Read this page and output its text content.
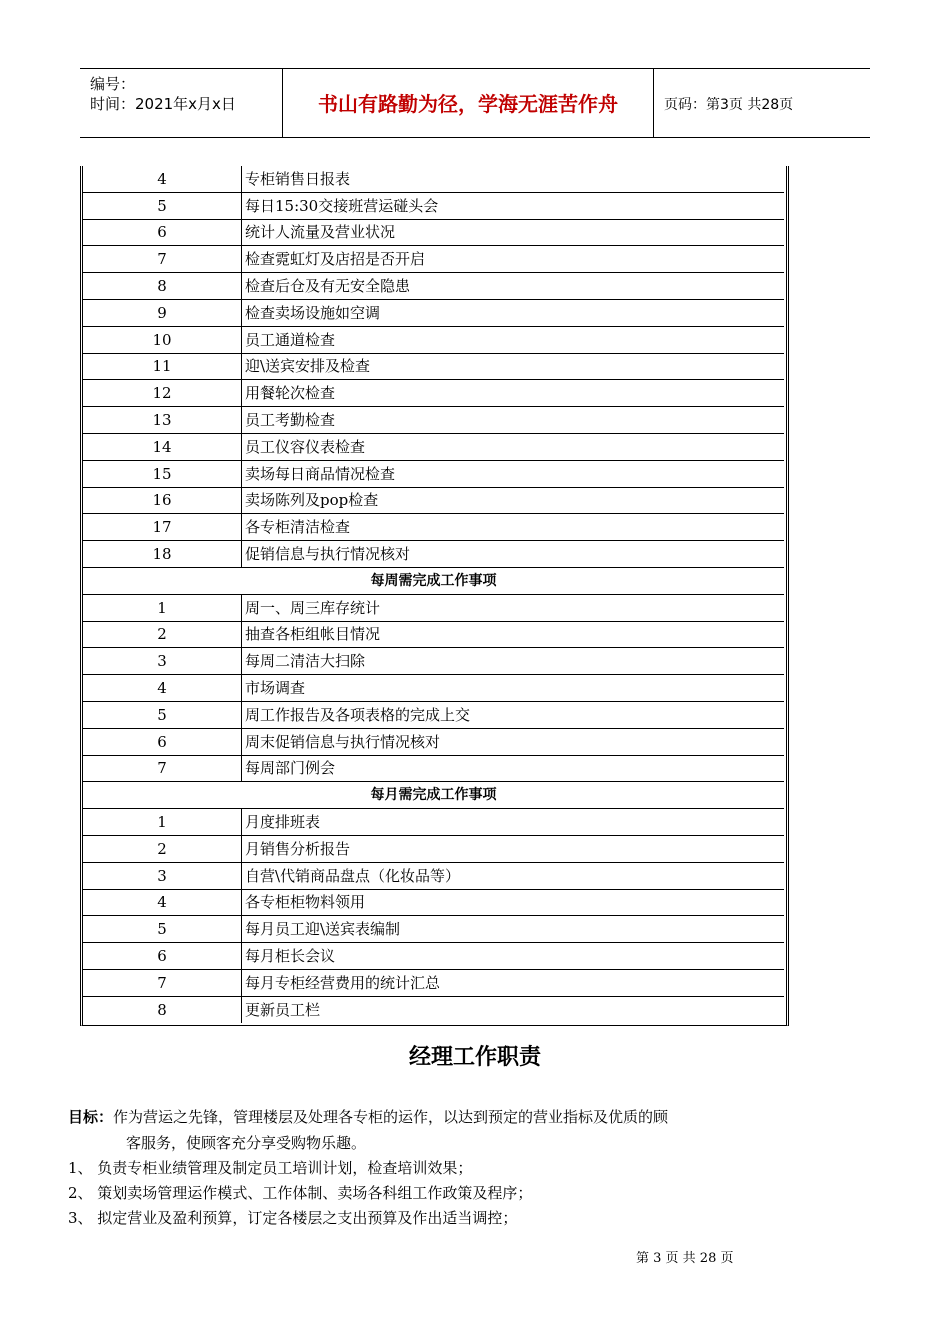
编号：
时间：2021年x月x日	书山有路勤为径，学海无涯苦作舟	页码：第3页 共28页
4	专柜销售日报表
5	每日15:30交接班营运碰头会
6	统计人流量及营业状况
7	检查霓虹灯及店招是否开启
8	检查后仓及有无安全隐患
9	检查卖场设施如空调
10	员工通道检查
11	迎\送宾安排及检查
12	用餐轮次检查
13	员工考勤检查
14	员工仪容仪表检查
15	卖场每日商品情况检查
16	卖场陈列及pop检查
17	各专柜清洁检查
18	促销信息与执行情况核对
每周需完成工作事项	
1	周一、周三库存统计
2	抽查各柜组帐目情况
3	每周二清洁大扫除
4	市场调查
5	周工作报告及各项表格的完成上交
6	周末促销信息与执行情况核对
7	每周部门例会
每月需完成工作事项	
1	月度排班表
2	月销售分析报告
3	自营\代销商品盘点（化妆品等）
4	各专柜柜物料领用
5	每月员工迎\送宾表编制
6	每月柜长会议
7	每月专柜经营费用的统计汇总
8	更新员工栏
经理工作职责
目标：作为营运之先锋，管理楼层及处理各专柜的运作，以达到预定的营业指标及优质的顾
客服务，使顾客充分享受购物乐趣。
1、 负责专柜业绩管理及制定员工培训计划，检查培训效果；
2、 策划卖场管理运作模式、工作体制、卖场各科组工作政策及程序；
3、 拟定营业及盈利预算，订定各楼层之支出预算及作出适当调控；
第 3 页 共 28 页
